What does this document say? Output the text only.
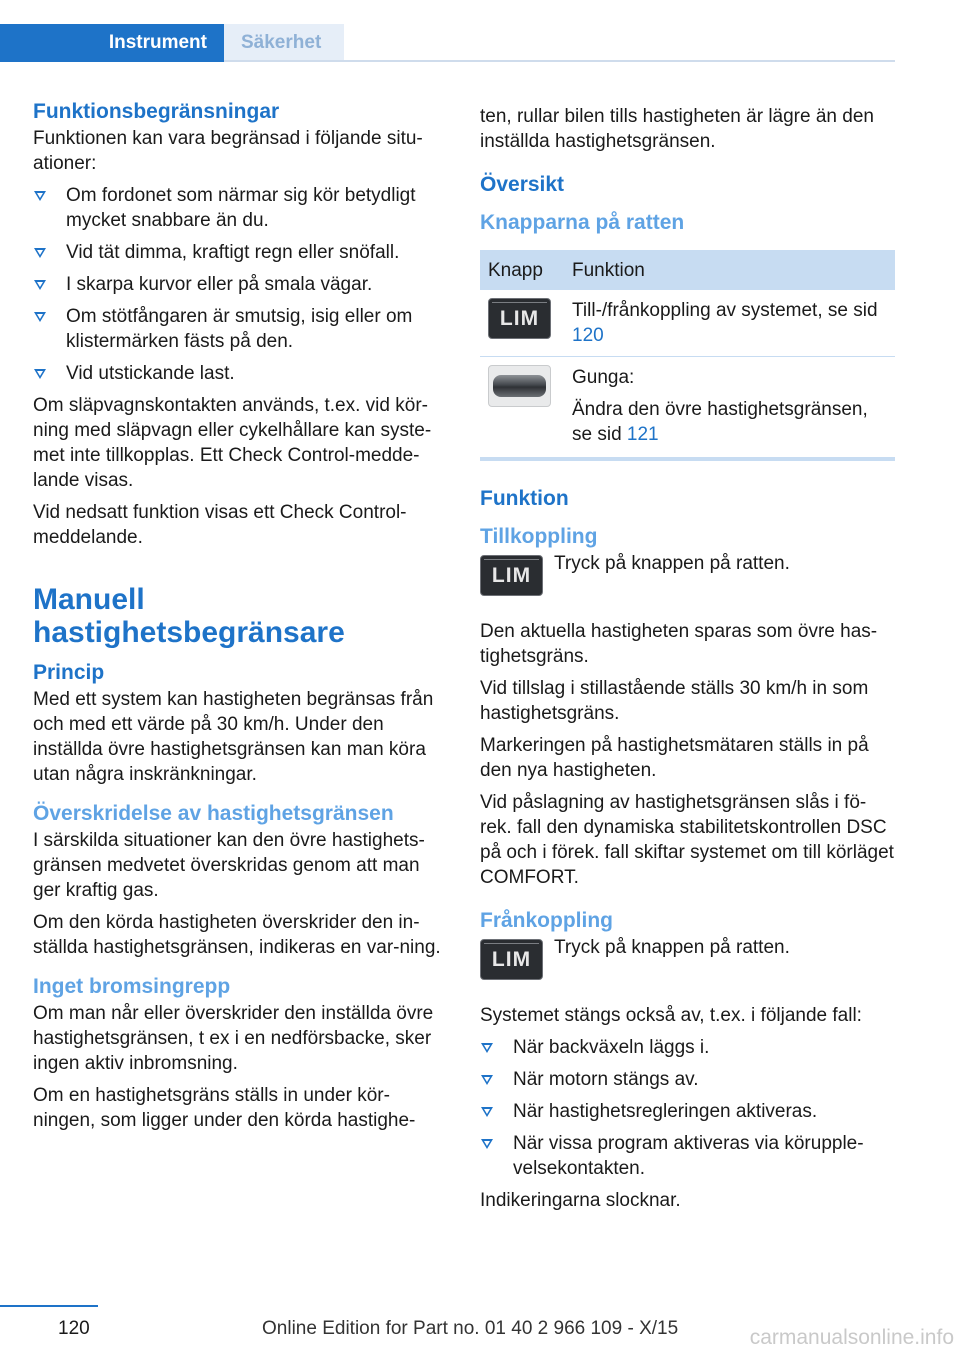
Instrument	Säkerhet
Funktionsbegränsningar

Funktionen kan vara begränsad i följande situ-ationer:

Om fordonet som närmar sig kör betydligt mycket snabbare än du.
Vid tät dimma, kraftigt regn eller snöfall.
I skarpa kurvor eller på smala vägar.
Om stötfångaren är smutsig, isig eller om klistermärken fästs på den.
Vid utstickande last.

Om släpvagnskontakten används, t.ex. vid kör-ning med släpvagn eller cykelhållare kan syste-met inte tillkopplas. Ett Check Control-medde-lande visas.

Vid nedsatt funktion visas ett Check Control-meddelande.

Manuell
hastighetsbegränsare
Princip

Med ett system kan hastigheten begränsas från och med ett värde på 30 km/h. Under den inställda övre hastighetsgränsen kan man köra utan några inskränkningar.

Överskridelse av hastighetsgränsen

I särskilda situationer kan den övre hastighets-gränsen medvetet överskridas genom att man ger kraftig gas.

Om den körda hastigheten överskrider den in-ställda hastighetsgränsen, indikeras en var-ning.

Inget bromsingrepp

Om man når eller överskrider den inställda övre hastighetsgränsen, t ex i en nedförsbacke, sker ingen aktiv inbromsning.

Om en hastighetsgräns ställs in under kör-ningen, som ligger under den körda hastighe-

ten, rullar bilen tills hastigheten är lägre än den inställda hastighetsgränsen.

Översikt
Knapparna på ratten
Knapp	Funktion

LIM	Till-/frånkoppling av systemet, se sid 120

	Gunga:

Ändra den övre hastighetsgränsen, se sid 121

Funktion
Tillkoppling
LIM
Tryck på knappen på ratten.

Den aktuella hastigheten sparas som övre has-tighetsgräns.

Vid tillslag i stillastående ställs 30 km/h in som hastighetsgräns.

Markeringen på hastighetsmätaren ställs in på den nya hastigheten.

Vid påslagning av hastighetsgränsen slås i fö-rek. fall den dynamiska stabilitetskontrollen DSC på och i förek. fall skiftar systemet om till körläget COMFORT.

Frånkoppling
LIM
Tryck på knappen på ratten.

Systemet stängs också av, t.ex. i följande fall:

När backväxeln läggs i.
När motorn stängs av.
När hastighetsregleringen aktiveras.
När vissa program aktiveras via körupple-velsekontakten.

Indikeringarna slocknar.

120	Online Edition for Part no. 01 40 2 966 109 - X/15	carmanualsonline.info
